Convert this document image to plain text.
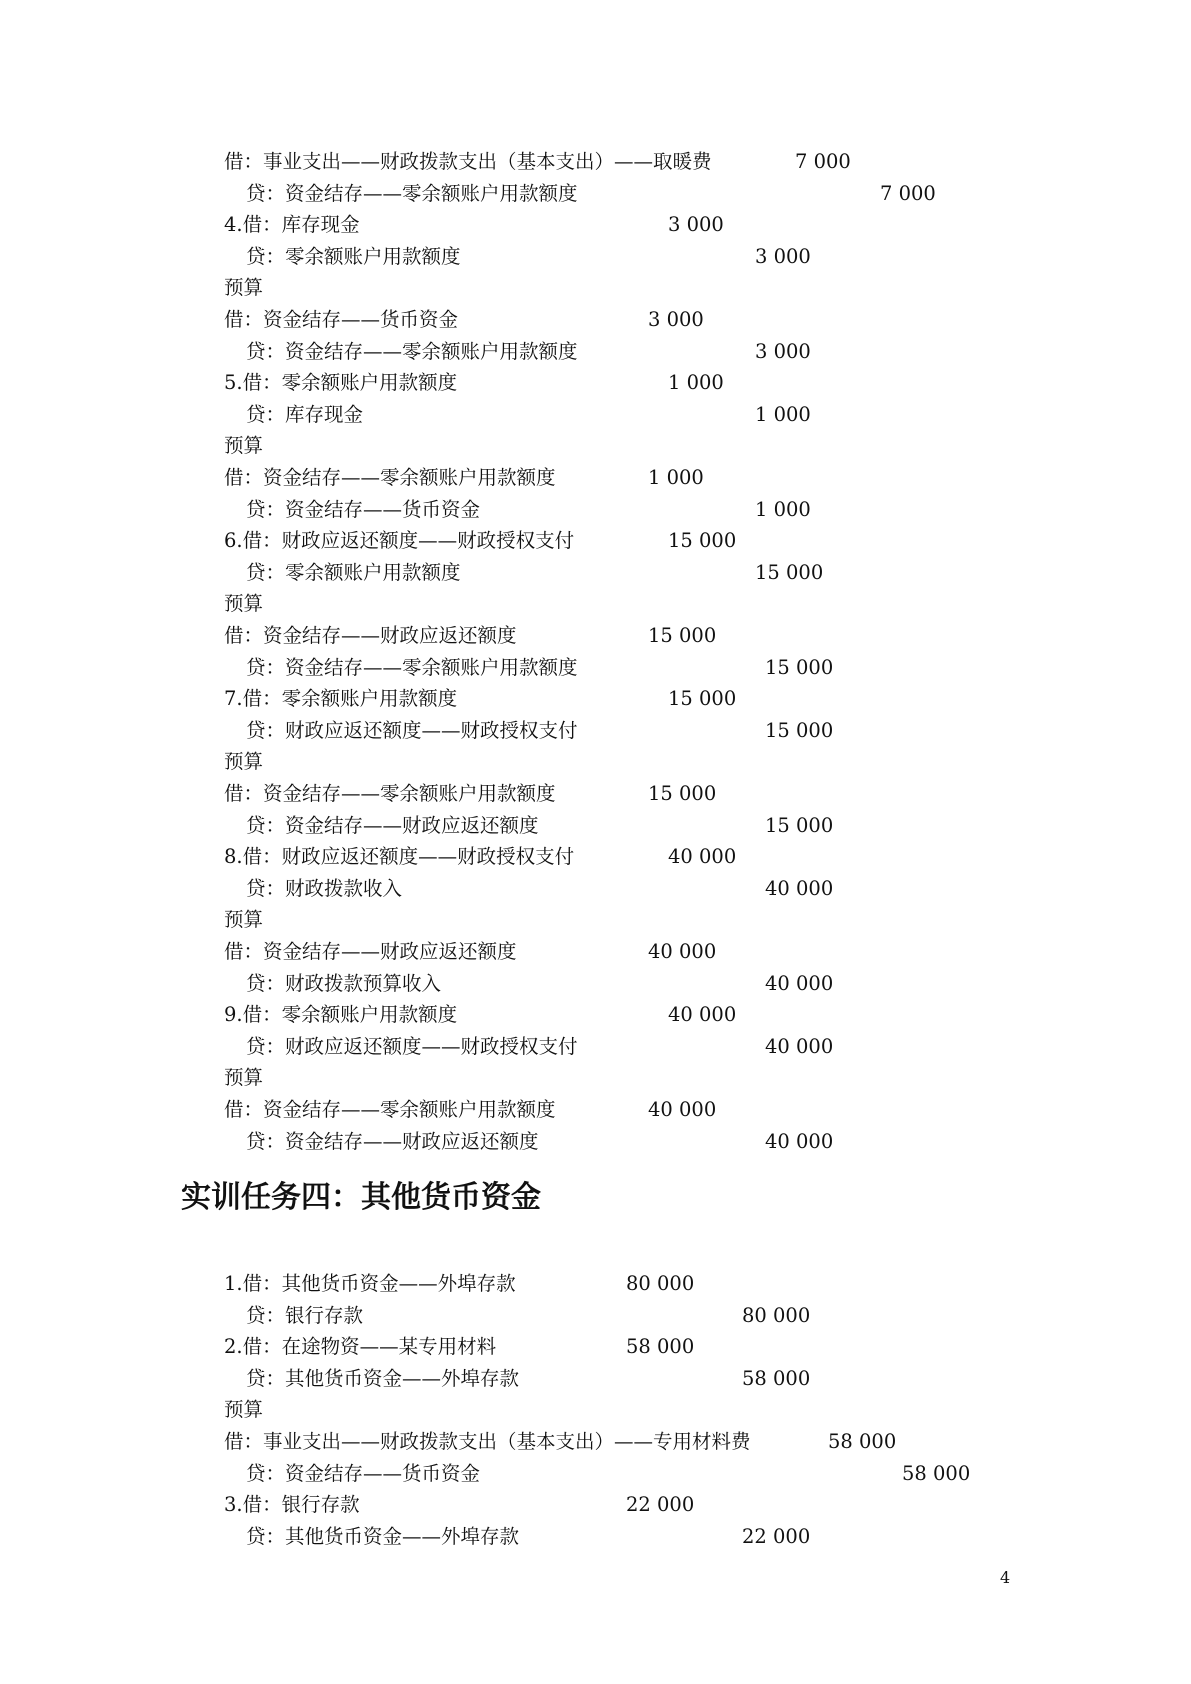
借：事业支出——财政拨款支出（基本支出）——取暖费	7 000
贷：资金结存——零余额账户用款额度	7 000
4.借：库存现金	3 000
贷：零余额账户用款额度	3 000
预算
借：资金结存——货币资金	3 000
贷：资金结存——零余额账户用款额度	3 000
5.借：零余额账户用款额度	1 000
贷：库存现金	1 000
预算
借：资金结存——零余额账户用款额度	1 000
贷：资金结存——货币资金	1 000
6.借：财政应返还额度——财政授权支付	15 000
贷：零余额账户用款额度	15 000
预算
借：资金结存——财政应返还额度	15 000
贷：资金结存——零余额账户用款额度	15 000
7.借：零余额账户用款额度	15 000
贷：财政应返还额度——财政授权支付	15 000
预算
借：资金结存——零余额账户用款额度	15 000
贷：资金结存——财政应返还额度	15 000
8.借：财政应返还额度——财政授权支付	40 000
贷：财政拨款收入	40 000
预算
借：资金结存——财政应返还额度	40 000
贷：财政拨款预算收入	40 000
9.借：零余额账户用款额度	40 000
贷：财政应返还额度——财政授权支付	40 000
预算
借：资金结存——零余额账户用款额度	40 000
贷：资金结存——财政应返还额度	40 000
实训任务四：其他货币资金
1.借：其他货币资金——外埠存款	80 000
贷：银行存款	80 000
2.借：在途物资——某专用材料	58 000
贷：其他货币资金——外埠存款	58 000
预算
借：事业支出——财政拨款支出（基本支出）——专用材料费	58 000
贷：资金结存——货币资金	58 000
3.借：银行存款	22 000
贷：其他货币资金——外埠存款	22 000
4
